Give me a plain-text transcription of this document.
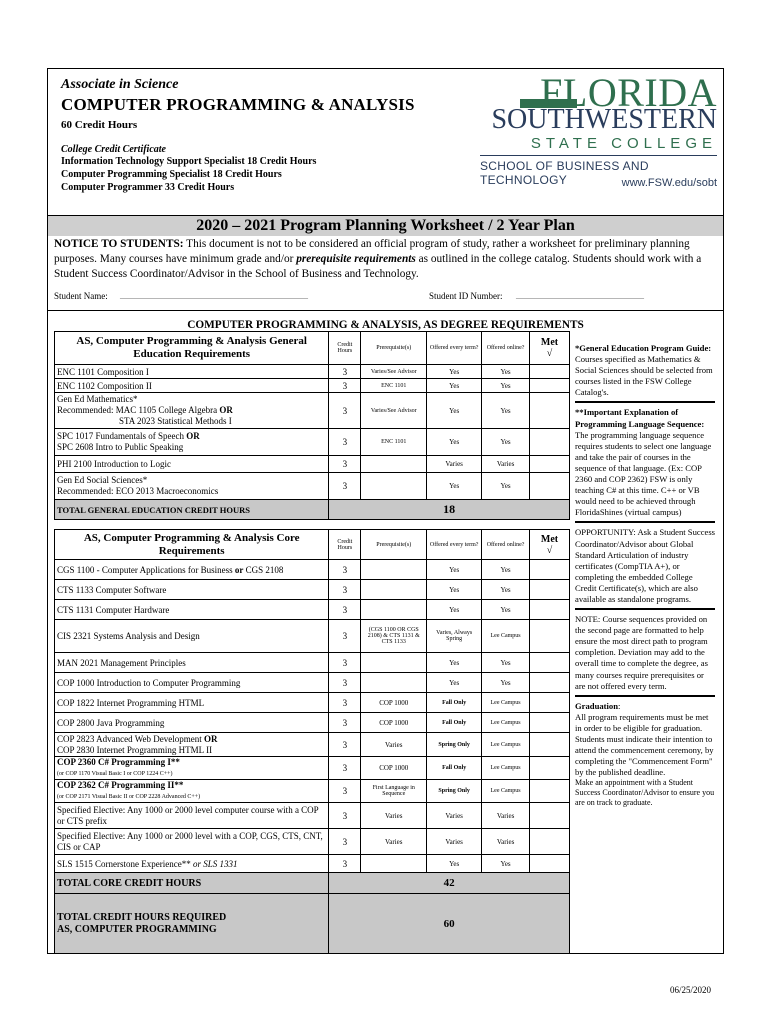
Associate in Science
COMPUTER PROGRAMMING & ANALYSIS
60 Credit Hours
College Credit Certificate
Information Technology Support Specialist 18 Credit Hours
Computer Programming Specialist 18 Credit Hours
Computer Programmer 33 Credit Hours
FLORIDA
SOUTHWESTERN
STATE COLLEGE
SCHOOL OF BUSINESS AND TECHNOLOGY	www.FSW.edu/sobt
2020 – 2021 Program Planning Worksheet / 2 Year Plan
NOTICE TO STUDENTS: This document is not to be considered an official program of study, rather a worksheet for preliminary planning purposes. Many courses have minimum grade and/or prerequisite requirements as outlined in the college catalog. Students should work with a Student Success Coordinator/Advisor in the School of Business and Technology.
Student Name: _______________________________________________	Student ID Number: ________________________________
COMPUTER PROGRAMMING & ANALYSIS, AS DEGREE REQUIREMENTS
AS, Computer Programming & Analysis General Education Requirements	Credit Hours	Prerequisite(s)	Offered every term?	Offered online?	Met
√
ENC 1101 Composition I	3	Varies/See Advisor	Yes	Yes	
ENC 1102 Composition II	3	ENC 1101	Yes	Yes	
Gen Ed Mathematics*
Recommended: MAC 1105 College Algebra OR
STA 2023 Statistical Methods I	3	Varies/See Advisor	Yes	Yes	
SPC 1017 Fundamentals of Speech OR
SPC 2608 Intro to Public Speaking	3	ENC 1101	Yes	Yes	
PHI 2100 Introduction to Logic	3		Varies	Varies	
Gen Ed Social Sciences*
Recommended: ECO 2013 Macroeconomics	3		Yes	Yes	
TOTAL GENERAL EDUCATION CREDIT HOURS	18				
AS, Computer Programming & Analysis Core Requirements	Credit Hours	Prerequisite(s)	Offered every term?	Offered online?	Met
√
CGS 1100 - Computer Applications for Business or CGS 2108	3		Yes	Yes	
CTS 1133 Computer Software	3		Yes	Yes	
CTS 1131 Computer Hardware	3		Yes	Yes	
CIS 2321 Systems Analysis and Design	3	(CGS 1100 OR CGS 2108) & CTS 1131 & CTS 1133	Varies, Always Spring	Lee Campus	
MAN 2021 Management Principles	3		Yes	Yes	
COP 1000 Introduction to Computer Programming	3		Yes	Yes	
COP 1822 Internet Programming HTML	3	COP 1000	Fall Only	Lee Campus	
COP 2800 Java Programming	3	COP 1000	Fall Only	Lee Campus	
COP 2823 Advanced Web Development OR
COP 2830 Internet Programming HTML II	3	Varies	Spring Only	Lee Campus	
COP 2360 C# Programming I**
(or COP 1170 Visual Basic I or COP 1224 C++)	3	COP 1000	Fall Only	Lee Campus	
COP 2362 C# Programming II**
(or COP 2171 Visual Basic II or COP 2228 Advanced C++)	3	First Language in Sequence	Spring Only	Lee Campus	
Specified Elective: Any 1000 or 2000 level computer course with a COP or CTS prefix	3	Varies	Varies	Varies	
Specified Elective: Any 1000 or 2000 level with a COP, CGS, CTS, CNT, CIS or CAP	3	Varies	Varies	Varies	
SLS 1515 Cornerstone Experience** or SLS 1331	3		Yes	Yes	
TOTAL CORE CREDIT HOURS	42				
TOTAL CREDIT HOURS REQUIRED
AS, COMPUTER PROGRAMMING	60				

*General Education Program Guide: Courses specified as Mathematics & Social Sciences should be selected from courses listed in the FSW College Catalog's.

**Important Explanation of Programming Language Sequence: The programming language sequence requires students to select one language and take the pair of courses in the sequence of that language. (Ex: COP 2360 and COP 2362) FSW is only teaching C# at this time. C++ or VB would need to be achieved through FloridaShines (virtual campus)

OPPORTUNITY: Ask a Student Success Coordinator/Advisor about Global Standard Articulation of industry certificates (CompTIA A+), or completing the embedded College Credit Certificate(s), which are also available as standalone programs.

NOTE: Course sequences provided on the second page are formatted to help ensure the most direct path to program completion. Deviation may add to the overall time to complete the degree, as many courses require prerequisites or are not offered every term.

Graduation:
All program requirements must be met in order to be eligible for graduation. Students must indicate their intention to attend the commencement ceremony, by completing the "Commencement Form" by the published deadline.

Make an appointment with a Student Success Coordinator/Advisor to ensure you are on track to graduate.

06/25/2020
